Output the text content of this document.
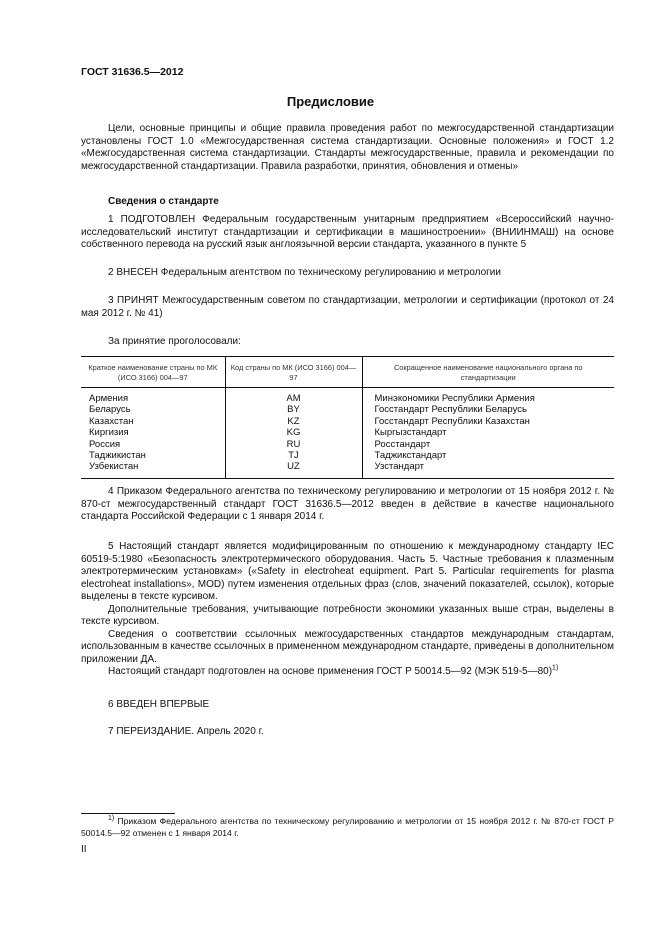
ГОСТ 31636.5—2012
Предисловие

Цели, основные принципы и общие правила проведения работ по межгосударственной стандартизации установлены ГОСТ 1.0 «Межгосударственная система стандартизации. Основные положения» и ГОСТ 1.2 «Межгосударственная система стандартизации. Стандарты межгосударственные, правила и рекомендации по межгосударственной стандартизации. Правила разработки, принятия, обновления и отмены»

Сведения о стандарте

1 ПОДГОТОВЛЕН Федеральным государственным унитарным предприятием «Всероссийский научно-исследовательский институт стандартизации и сертификации в машиностроении» (ВНИИНМАШ) на основе собственного перевода на русский язык англоязычной версии стандарта, указанного в пункте 5

2 ВНЕСЕН Федеральным агентством по техническому регулированию и метрологии

3 ПРИНЯТ Межгосударственным советом по стандартизации, метрологии и сертификации (протокол от 24 мая 2012 г. № 41)

За принятие проголосовали:

Краткое наименование страны по МК (ИСО 3166) 004—97	Код страны по МК (ИСО 3166) 004—97	Сокращенное наименование национального органа по стандартизации
Армения	AM	Минэкономики Республики Армения
Беларусь	BY	Госстандарт Республики Беларусь
Казахстан	KZ	Госстандарт Республики Казахстан
Киргизия	KG	Кыргызстандарт
Россия	RU	Росстандарт
Таджикистан	TJ	Таджикстандарт
Узбекистан	UZ	Узстандарт

4 Приказом Федерального агентства по техническому регулированию и метрологии от 15 ноября 2012 г. № 870-ст межгосударственный стандарт ГОСТ 31636.5—2012 введен в действие в качестве национального стандарта Российской Федерации с 1 января 2014 г.

5 Настоящий стандарт является модифицированным по отношению к международному стандарту IEC 60519-5:1980 «Безопасность электротермического оборудования. Часть 5. Частные требования к плазменным электротермическим установкам» («Safety in electroheat equipment. Part 5. Particular requirements for plasma electroheat installations», MOD) путем изменения отдельных фраз (слов, значений показателей, ссылок), которые выделены в тексте курсивом.

Дополнительные требования, учитывающие потребности экономики указанных выше стран, выделены в тексте курсивом.

Сведения о соответствии ссылочных межгосударственных стандартов международным стандартам, использованным в качестве ссылочных в примененном международном стандарте, приведены в дополнительном приложении ДА.

Настоящий стандарт подготовлен на основе применения ГОСТ Р 50014.5—92 (МЭК 519-5—80)$^{1)}$

6 ВВЕДЕН ВПЕРВЫЕ

7 ПЕРЕИЗДАНИЕ. Апрель 2020 г.

$^{1)}$ Приказом Федерального агентства по техническому регулированию и метрологии от 15 ноября 2012 г. № 870-ст ГОСТ Р 50014.5—92 отменен с 1 января 2014 г.

II
